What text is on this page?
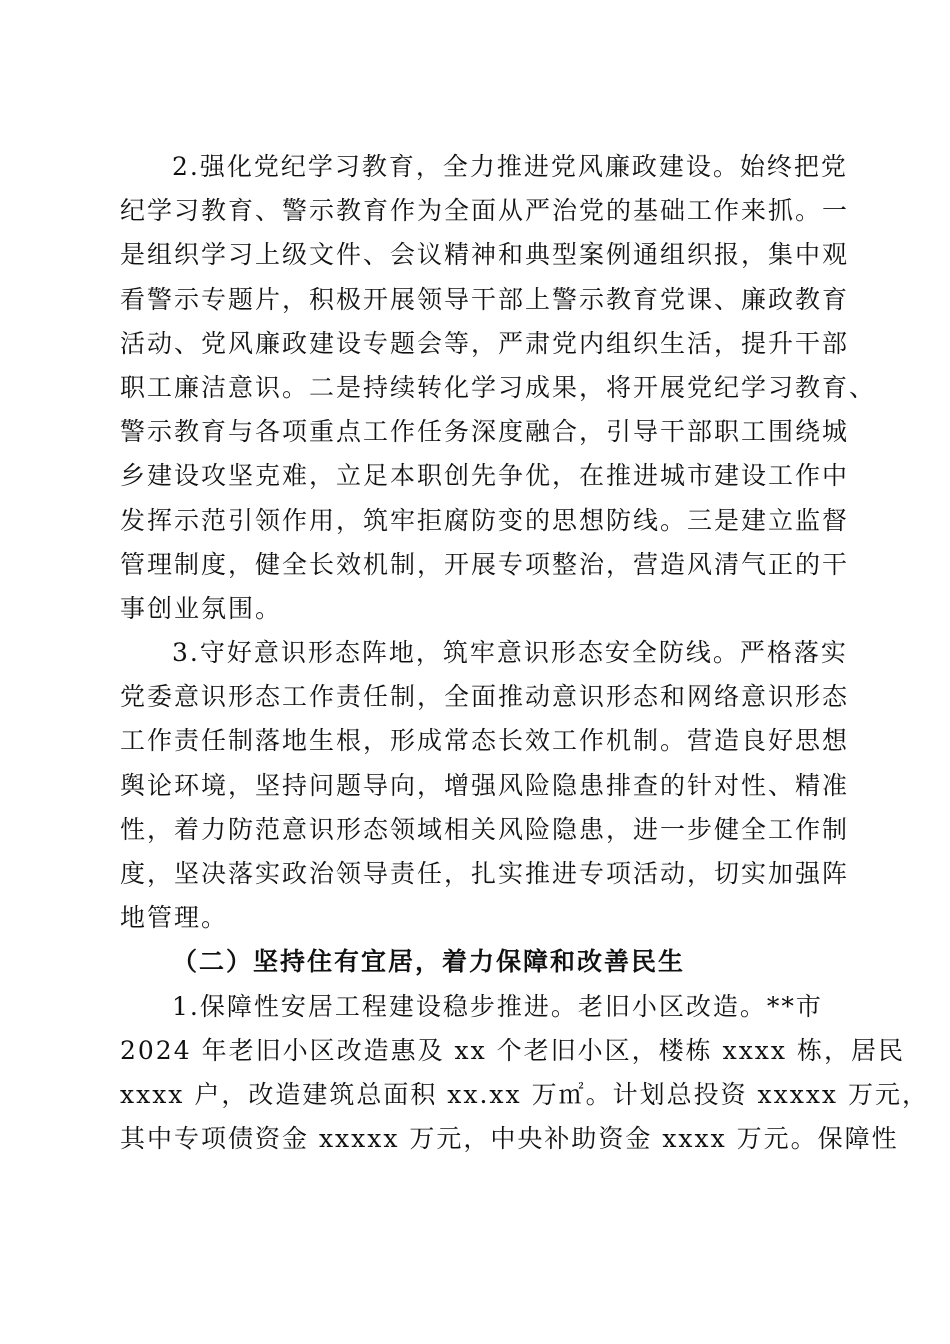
2.强化党纪学习教育，全力推进党风廉政建设。始终把党
纪学习教育、警示教育作为全面从严治党的基础工作来抓。一
是组织学习上级文件、会议精神和典型案例通组织报，集中观
看警示专题片，积极开展领导干部上警示教育党课、廉政教育
活动、党风廉政建设专题会等，严肃党内组织生活，提升干部
职工廉洁意识。二是持续转化学习成果，将开展党纪学习教育、
警示教育与各项重点工作任务深度融合，引导干部职工围绕城
乡建设攻坚克难，立足本职创先争优，在推进城市建设工作中
发挥示范引领作用，筑牢拒腐防变的思想防线。三是建立监督
管理制度，健全长效机制，开展专项整治，营造风清气正的干
事创业氛围。
3.守好意识形态阵地，筑牢意识形态安全防线。严格落实
党委意识形态工作责任制，全面推动意识形态和网络意识形态
工作责任制落地生根，形成常态长效工作机制。营造良好思想
舆论环境，坚持问题导向，增强风险隐患排查的针对性、精准
性，着力防范意识形态领域相关风险隐患，进一步健全工作制
度，坚决落实政治领导责任，扎实推进专项活动，切实加强阵
地管理。
（二）坚持住有宜居，着力保障和改善民生
1.保障性安居工程建设稳步推进。老旧小区改造。**市
2024 年老旧小区改造惠及 xx 个老旧小区，楼栋 xxxx 栋，居民
xxxx 户，改造建筑总面积 xx.xx 万㎡。计划总投资 xxxxx 万元，
其中专项债资金 xxxxx 万元，中央补助资金 xxxx 万元。保障性
